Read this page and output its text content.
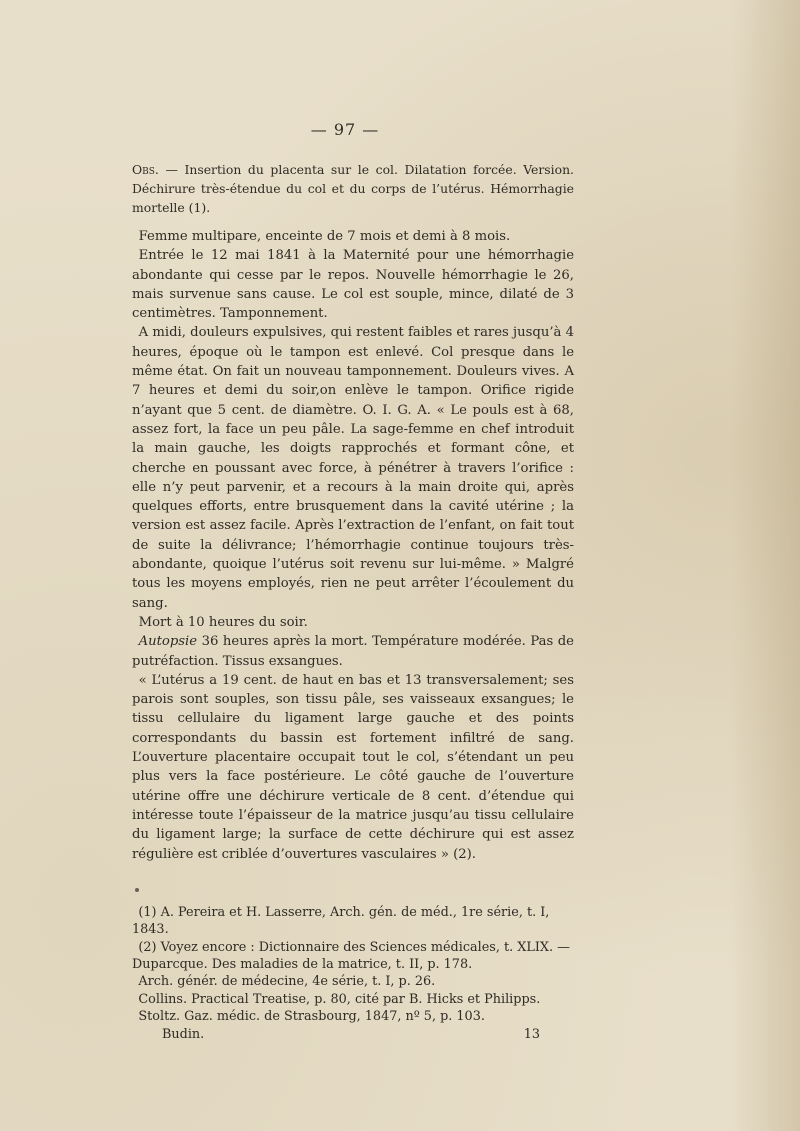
— 97 —

Obs. — Insertion du placenta sur le col. Dilatation forcée. Version. Déchirure très-étendue du col et du corps de l’utérus. Hémorrhagie mortelle (1).

Femme multipare, enceinte de 7 mois et demi à 8 mois.

Entrée le 12 mai 1841 à la Maternité pour une hémorrhagie abondante qui cesse par le repos. Nouvelle hémorrhagie le 26, mais survenue sans cause. Le col est souple, mince, dilaté de 3 centimètres. Tamponnement.

A midi, douleurs expulsives, qui restent faibles et rares jusqu’à 4 heures, époque où le tampon est enlevé. Col presque dans le même état. On fait un nouveau tamponnement. Douleurs vives. A 7 heures et demi du soir,on enlève le tampon. Orifice rigide n’ayant que 5 cent. de diamètre. O. I. G. A. « Le pouls est à 68, assez fort, la face un peu pâle. La sage-femme en chef introduit la main gauche, les doigts rapprochés et formant cône, et cherche en poussant avec force, à pénétrer à travers l’orifice : elle n’y peut parvenir, et a recours à la main droite qui, après quelques efforts, entre brusquement dans la cavité utérine ; la version est assez facile. Après l’extraction de l’enfant, on fait tout de suite la délivrance; l’hémorrhagie continue toujours très-abondante, quoique l’utérus soit revenu sur lui-même. » Malgré tous les moyens employés, rien ne peut arrêter l’écoulement du sang.

Mort à 10 heures du soir.

Autopsie 36 heures après la mort. Température modérée. Pas de putréfaction. Tissus exsangues.

« L’utérus a 19 cent. de haut en bas et 13 transversalement; ses parois sont souples, son tissu pâle, ses vaisseaux exsangues; le tissu cellulaire du ligament large gauche et des points correspondants du bassin est fortement infiltré de sang. L’ouverture placentaire occupait tout le col, s’étendant un peu plus vers la face postérieure. Le côté gauche de l’ouverture utérine offre une déchirure verticale de 8 cent. d’étendue qui intéresse toute l’épaisseur de la matrice jusqu’au tissu cellulaire du ligament large; la surface de cette déchirure qui est assez régulière est criblée d’ouvertures vasculaires » (2).

(1) A. Pereira et H. Lasserre, Arch. gén. de méd., 1re série, t. I, 1843.

(2) Voyez encore : Dictionnaire des Sciences médicales, t. XLIX. — Duparcque. Des maladies de la matrice, t. II, p. 178.

Arch. génér. de médecine, 4e série, t. I, p. 26.

Collins. Practical Treatise, p. 80, cité par B. Hicks et Philipps.

Stoltz. Gaz. médic. de Strasbourg, 1847, nº 5, p. 103.

Budin.	13
